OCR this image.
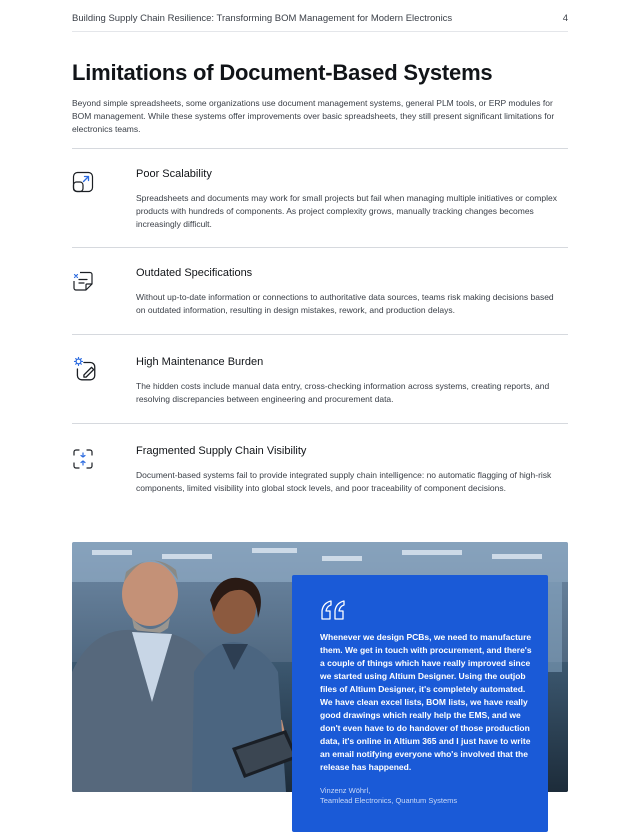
Building Supply Chain Resilience: Transforming BOM Management for Modern Electronics	4
Limitations of Document-Based Systems

Beyond simple spreadsheets, some organizations use document management systems, general PLM tools, or ERP modules for BOM management. While these systems offer improvements over basic spreadsheets, they still present significant limitations for electronics teams.

Poor Scalability

Spreadsheets and documents may work for small projects but fail when managing multiple initiatives or complex products with hundreds of components. As project complexity grows, manually tracking changes becomes increasingly difficult.

Outdated Specifications

Without up-to-date information or connections to authoritative data sources, teams risk making decisions based on outdated information, resulting in design mistakes, rework, and production delays.

High Maintenance Burden

The hidden costs include manual data entry, cross-checking information across systems, creating reports, and resolving discrepancies between engineering and procurement data.

Fragmented Supply Chain Visibility

Document-based systems fail to provide integrated supply chain intelligence: no automatic flagging of high-risk components, limited visibility into global stock levels, and poor traceability of component decisions.

Whenever we design PCBs, we need to manufacture them. We get in touch with procurement, and there's a couple of things which have really improved since we started using Altium Designer. Using the outjob files of Altium Designer, it's completely automated. We have clean excel lists, BOM lists, we have really good drawings which really help the EMS, and we don't even have to do handover of those production data, it's online in Altium 365 and I just have to write an email notifying everyone who's involved that the release has happened.

Vinzenz Wöhrl,
Teamlead Electronics, Quantum Systems
